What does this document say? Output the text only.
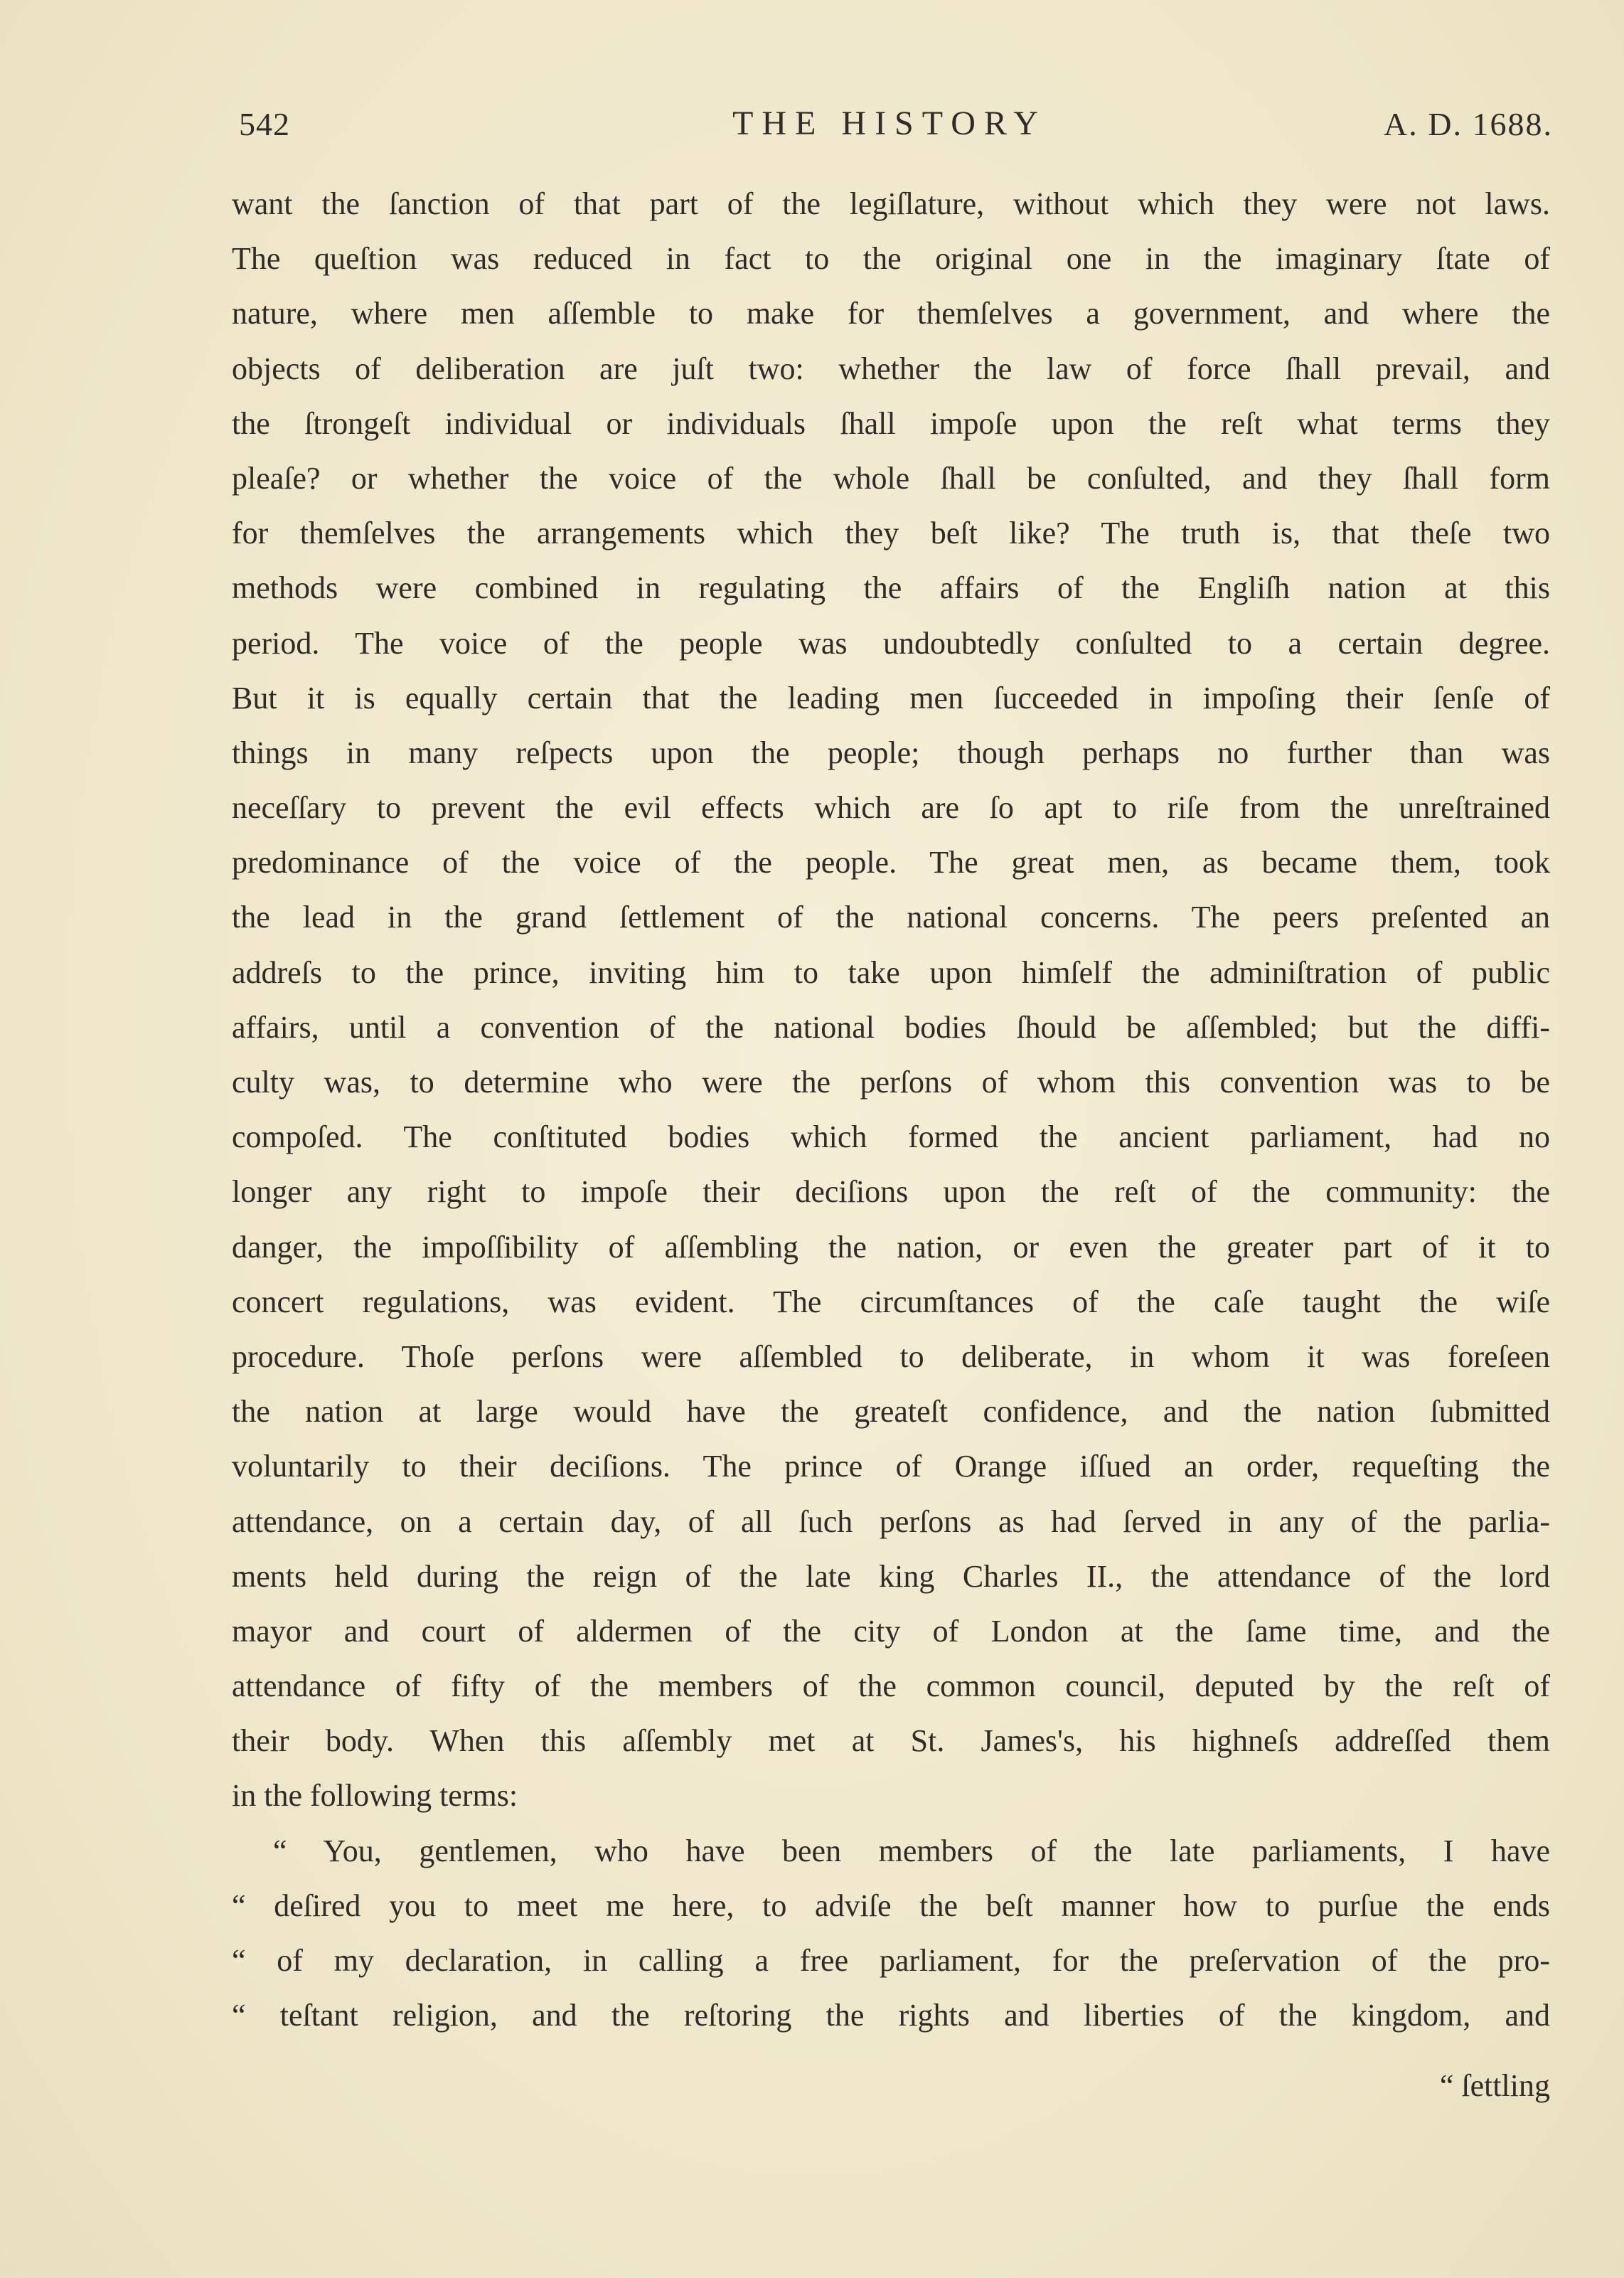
542	THE HISTORY	A. D. 1688.
want the ſanction of that part of the legiſlature, without which they were not laws.
The queſtion was reduced in fact to the original one in the imaginary ſtate of
nature, where men aſſemble to make for themſelves a government, and where the
objects of deliberation are juſt two: whether the law of force ſhall prevail, and
the ſtrongeſt individual or individuals ſhall impoſe upon the reſt what terms they
pleaſe? or whether the voice of the whole ſhall be conſulted, and they ſhall form
for themſelves the arrangements which they beſt like? The truth is, that theſe two
methods were combined in regulating the affairs of the Engliſh nation at this
period. The voice of the people was undoubtedly conſulted to a certain degree.
But it is equally certain that the leading men ſucceeded in impoſing their ſenſe of
things in many reſpects upon the people; though perhaps no further than was
neceſſary to prevent the evil effects which are ſo apt to riſe from the unreſtrained
predominance of the voice of the people. The great men, as became them, took
the lead in the grand ſettlement of the national concerns. The peers preſented an
addreſs to the prince, inviting him to take upon himſelf the adminiſtration of public
affairs, until a convention of the national bodies ſhould be aſſembled; but the diffi-
culty was, to determine who were the perſons of whom this convention was to be
compoſed. The conſtituted bodies which formed the ancient parliament, had no
longer any right to impoſe their deciſions upon the reſt of the community: the
danger, the impoſſibility of aſſembling the nation, or even the greater part of it to
concert regulations, was evident. The circumſtances of the caſe taught the wiſe
procedure. Thoſe perſons were aſſembled to deliberate, in whom it was foreſeen
the nation at large would have the greateſt confidence, and the nation ſubmitted
voluntarily to their deciſions. The prince of Orange iſſued an order, requeſting the
attendance, on a certain day, of all ſuch perſons as had ſerved in any of the parlia-
ments held during the reign of the late king Charles II., the attendance of the lord
mayor and court of aldermen of the city of London at the ſame time, and the
attendance of fifty of the members of the common council, deputed by the reſt of
their body. When this aſſembly met at St. James's, his highneſs addreſſed them
in the following terms:
“ You, gentlemen, who have been members of the late parliaments, I have
“ deſired you to meet me here, to adviſe the beſt manner how to purſue the ends
“ of my declaration, in calling a free parliament, for the preſervation of the pro-
“ teſtant religion, and the reſtoring the rights and liberties of the kingdom, and
“ ſettling
